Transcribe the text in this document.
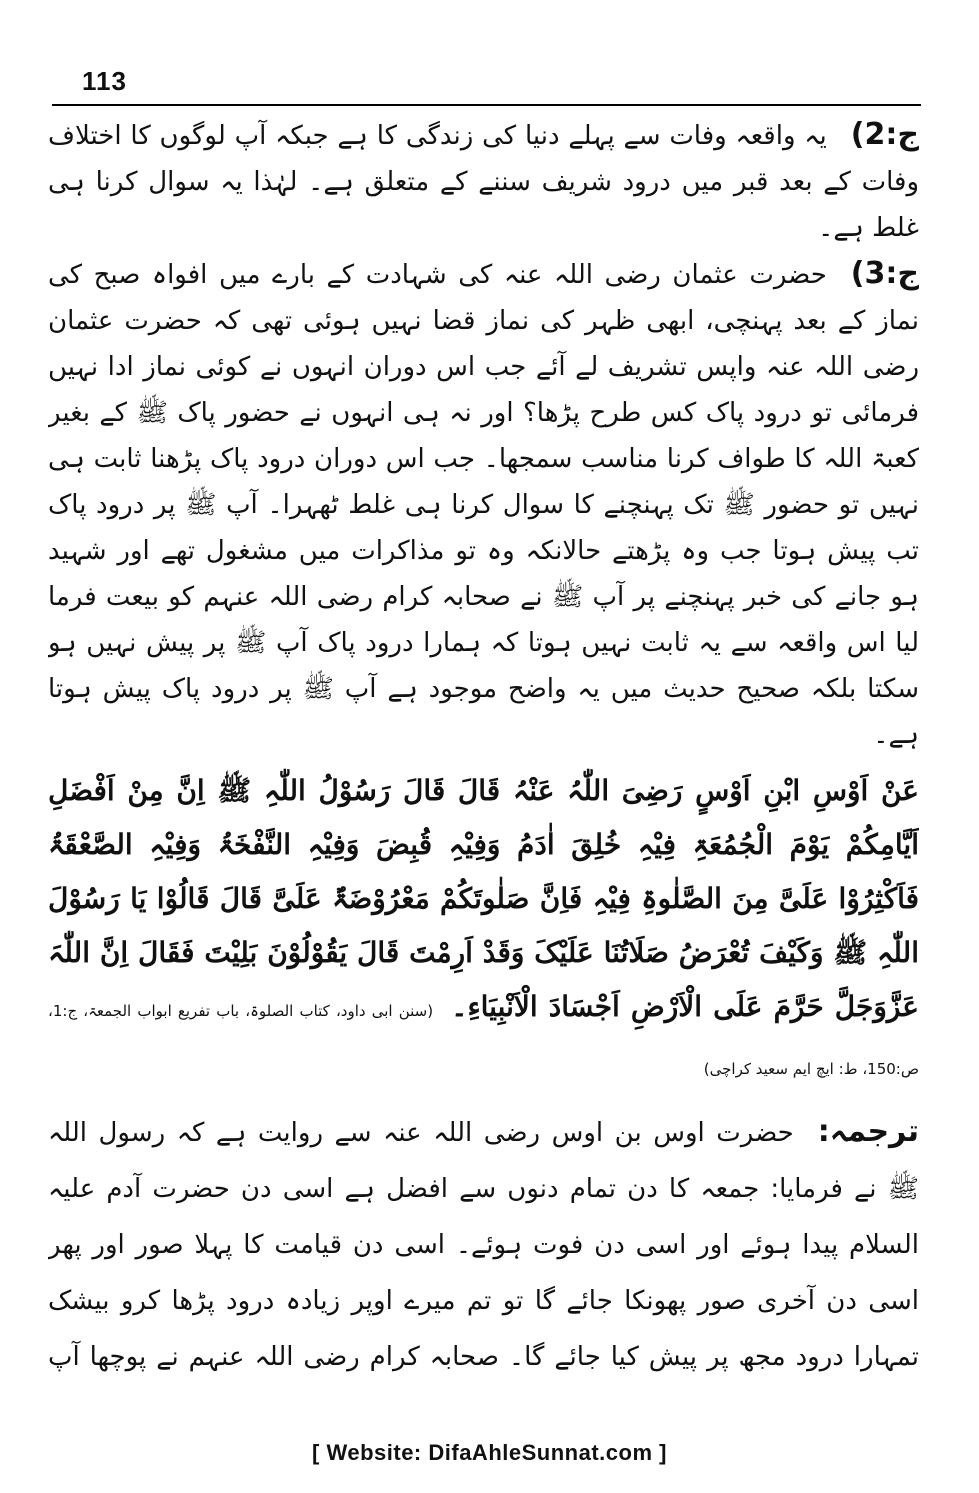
113

ج:2)یہ واقعہ وفات سے پہلے دنیا کی زندگی کا ہے جبکہ آپ لوگوں کا اختلاف وفات کے بعد قبر میں درود شریف سننے کے متعلق ہے۔ لہٰذا یہ سوال کرنا ہی غلط ہے۔

ج:3)حضرت عثمان رضی اللہ عنہ کی شہادت کے بارے میں افواہ صبح کی نماز کے بعد پہنچی، ابھی ظہر کی نماز قضا نہیں ہوئی تھی کہ حضرت عثمان رضی اللہ عنہ واپس تشریف لے آئے جب اس دوران انہوں نے کوئی نماز ادا نہیں فرمائی تو درود پاک کس طرح پڑھا؟ اور نہ ہی انہوں نے حضور پاک ﷺ کے بغیر کعبۃ اللہ کا طواف کرنا مناسب سمجھا۔ جب اس دوران درود پاک پڑھنا ثابت ہی نہیں تو حضور ﷺ تک پہنچنے کا سوال کرنا ہی غلط ٹھہرا۔ آپ ﷺ پر درود پاک تب پیش ہوتا جب وہ پڑھتے حالانکہ وہ تو مذاکرات میں مشغول تھے اور شہید ہو جانے کی خبر پہنچنے پر آپ ﷺ نے صحابہ کرام رضی اللہ عنہم کو بیعت فرما لیا اس واقعہ سے یہ ثابت نہیں ہوتا کہ ہمارا درود پاک آپ ﷺ پر پیش نہیں ہو سکتا بلکہ صحیح حدیث میں یہ واضح موجود ہے آپ ﷺ پر درود پاک پیش ہوتا ہے۔

عَنْ اَوْسِ ابْنِ اَوْسٍ رَضِیَ اللّٰہُ عَنْہُ قَالَ قَالَ رَسُوْلُ اللّٰہِ ﷺ اِنَّ مِنْ اَفْضَلِ اَیَّامِکُمْ یَوْمَ الْجُمُعَۃِ فِیْہِ خُلِقَ اٰدَمُ وَفِیْہِ قُبِضَ وَفِیْہِ النَّفْخَۃُ وَفِیْہِ الصَّعْقَۃُ فَاَکْثِرُوْا عَلَیَّ مِنَ الصَّلٰوۃِ فِیْہِ فَاِنَّ صَلٰوتَکُمْ مَعْرُوْضَۃٌ عَلَیَّ قَالَ قَالُوْا یَا رَسُوْلَ اللّٰہِ ﷺ وَکَیْفَ تُعْرَضُ صَلَاتُنَا عَلَیْکَ وَقَدْ اَرِمْتَ قَالَ یَقُوْلُوْنَ بَلِیْتَ فَقَالَ اِنَّ اللّٰہَ عَزَّوَجَلَّ حَرَّمَ عَلَی الْاَرْضِ اَجْسَادَ الْاَنْبِیَاءِ۔(سنن ابی داود، کتاب الصلوۃ، باب تفریع ابواب الجمعۃ، ج:1، ص:150، ط: ایچ ایم سعید کراچی)

ترجمہ:حضرت اوس بن اوس رضی اللہ عنہ سے روایت ہے کہ رسول اللہ ﷺ نے فرمایا: جمعہ کا دن تمام دنوں سے افضل ہے اسی دن حضرت آدم علیہ السلام پیدا ہوئے اور اسی دن فوت ہوئے۔ اسی دن قیامت کا پہلا صور اور پھر اسی دن آخری صور پھونکا جائے گا تو تم میرے اوپر زیادہ درود پڑھا کرو بیشک تمہارا درود مجھ پر پیش کیا جائے گا۔ صحابہ کرام رضی اللہ عنہم نے پوچھا آپ

[ Website: DifaAhleSunnat.com ]
